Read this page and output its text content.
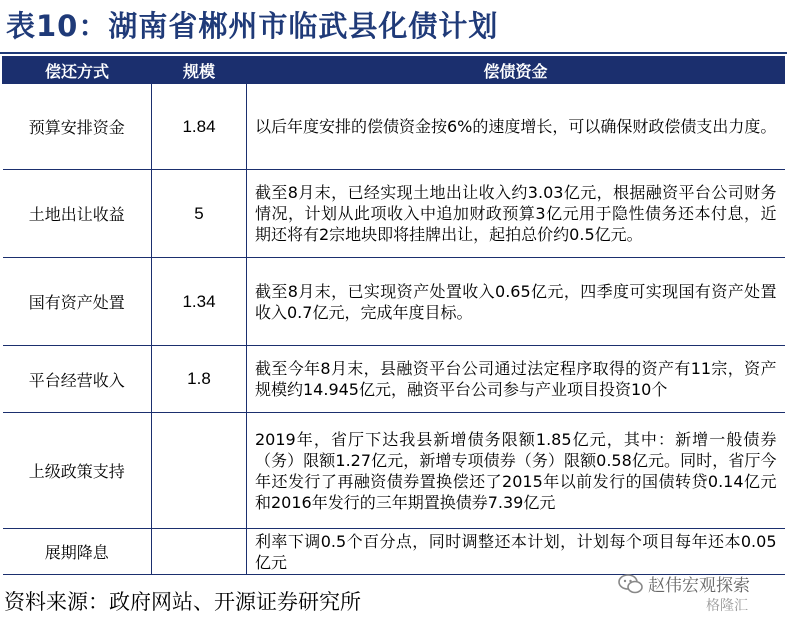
表10：湖南省郴州市临武县化债计划
偿还方式	规模	偿债资金
预算安排资金	1.84	以后年度安排的偿债资金按6%的速度增长，可以确保财政偿债支出力度。
土地出让收益	5	截至8月末，已经实现土地出让收入约3.03亿元，根据融资平台公司财务情况，计划从此项收入中追加财政预算3亿元用于隐性债务还本付息，近期还将有2宗地块即将挂牌出让，起拍总价约0.5亿元。
国有资产处置	1.34	截至8月末，已实现资产处置收入0.65亿元，四季度可实现国有资产处置收入0.7亿元，完成年度目标。
平台经营收入	1.8	截至今年8月末，县融资平台公司通过法定程序取得的资产有11宗，资产规模约14.945亿元，融资平台公司参与产业项目投资10个
上级政策支持		2019年，省厅下达我县新增债务限额1.85亿元，其中：新增一般债券（务）限额1.27亿元，新增专项债券（务）限额0.58亿元。同时，省厅今年还发行了再融资债券置换偿还了2015年以前发行的国债转贷0.14亿元和2016年发行的三年期置换债券7.39亿元
展期降息		利率下调0.5个百分点，同时调整还本计划，计划每个项目每年还本0.05亿元
资料来源：政府网站、开源证券研究所
赵伟宏观探索
格隆汇
